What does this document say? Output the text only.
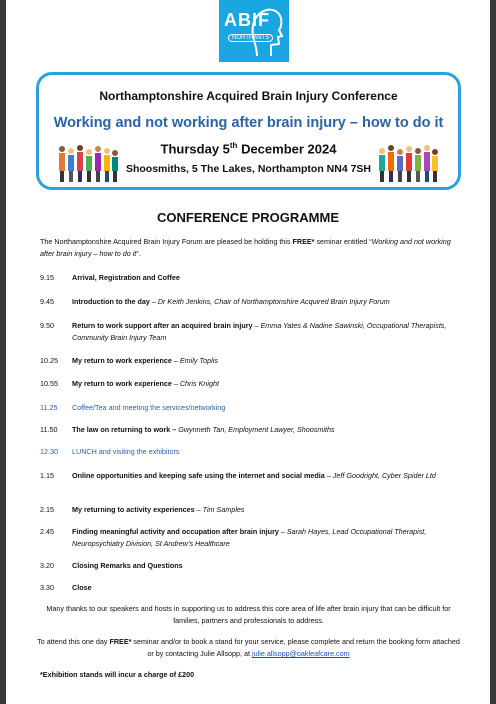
ABIF
NORTHANTS
Northamptonshire Acquired Brain Injury Conference
Working and not working after brain injury – how to do it
Thursday 5th December 2024
Shoosmiths, 5 The Lakes, Northampton NN4 7SH
CONFERENCE PROGRAMME
The Northamptonshire Acquired Brain Injury Forum are pleased be holding this FREE* seminar entitled “Working and not working after brain injury – how to do it”.
9.15	Arrival, Registration and Coffee
9.45	Introduction to the day – Dr Keith Jenkins, Chair of Northamptonshire Acquired Brain Injury Forum
9.50	Return to work support after an acquired brain injury – Emma Yates & Nadine Sawinski, Occupational Therapists, Community Brain Injury Team
10.25 My return to work experience – Emily Toplis
10.55 My return to work experience – Chris Knight
11.25 Coffee/Tea and meeting the services/networking
11.50 The law on returning to work – Gwynneth Tan, Employment Lawyer, Shoosmiths
12.30 LUNCH and visiting the exhibitors
1.15	Online opportunities and keeping safe using the internet and social media – Jeff Goodright, Cyber Spider Ltd
2.15	My returning to activity experiences – Tim Samples
2.45	Finding meaningful activity and occupation after brain injury – Sarah Hayes, Lead Occupational Therapist, Neuropsychiatry Division, St Andrew’s Healthcare
3.20	Closing Remarks and Questions
3.30	Close
Many thanks to our speakers and hosts in supporting us to address this core area of life after brain injury that can be difficult for families, partners and professionals to address.
To attend this one day FREE* seminar and/or to book a stand for your service, please complete and return the booking form attached or by contacting Julie Allsopp, at julie.allsopp@oakleafcare.com
*Exhibition stands will incur a charge of £200
